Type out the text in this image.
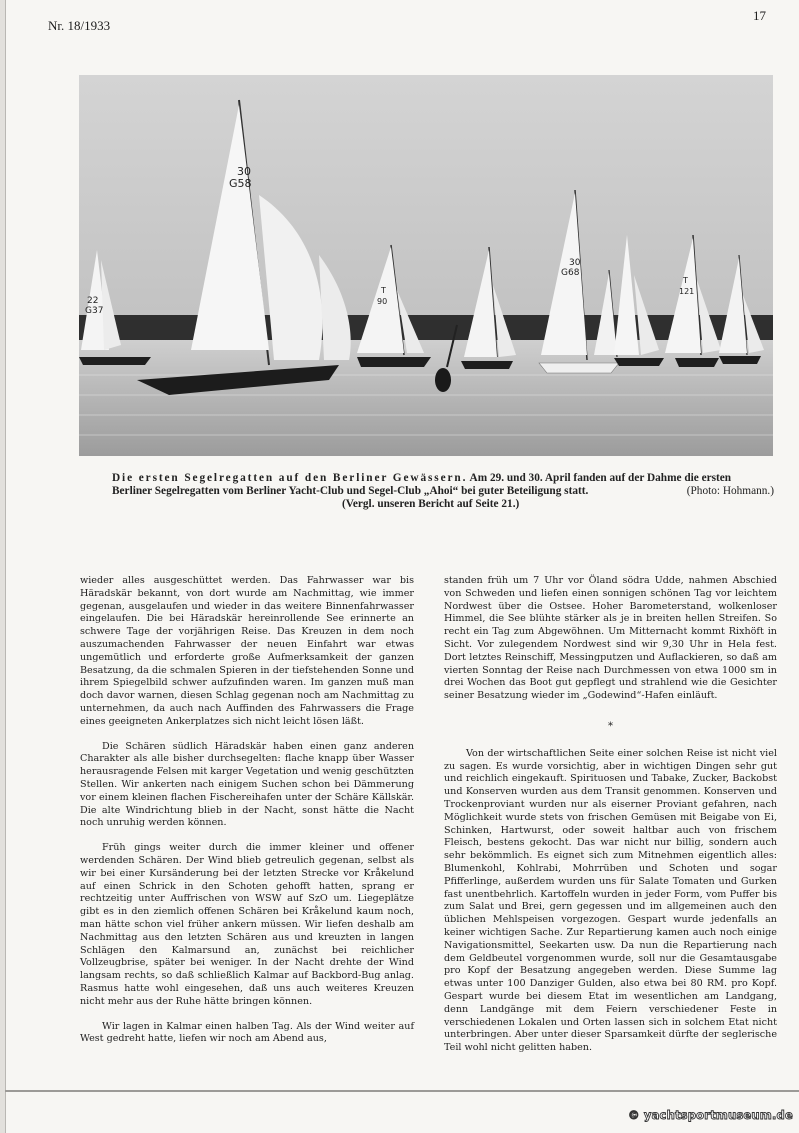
Nr. 18/1933
17
22
G37
30
G58
T
90
30
G68
T
121
Die ersten Segelregatten auf den Berliner Gewässern. Am 29. und 30. April fanden auf der Dahme die ersten
Berliner Segelregatten vom Berliner Yacht-Club und Segel-Club „Ahoi“ bei guter Beteiligung statt.	(Photo: Hohmann.)
(Vergl. unseren Bericht auf Seite 21.)

wieder alles ausgeschüttet werden. Das Fahrwasser war bis Häradskär bekannt, von dort wurde am Nachmittag, wie immer gegenan, ausgelaufen und wieder in das weitere Binnenfahrwasser eingelaufen. Die bei Häradskär hereinrollende See erinnerte an schwere Tage der vorjährigen Reise. Das Kreuzen in dem noch auszumachenden Fahrwasser der neuen Einfahrt war etwas ungemütlich und erforderte große Aufmerksamkeit der ganzen Besatzung, da die schmalen Spieren in der tiefstehenden Sonne und ihrem Spiegelbild schwer aufzufinden waren. Im ganzen muß man doch davor warnen, diesen Schlag gegenan noch am Nachmittag zu unternehmen, da auch nach Auffinden des Fahrwassers die Frage eines geeigneten Ankerplatzes sich nicht leicht lösen läßt.

Die Schären südlich Häradskär haben einen ganz anderen Charakter als alle bisher durchsegelten: flache knapp über Wasser herausragende Felsen mit karger Vegetation und wenig geschützten Stellen. Wir ankerten nach einigem Suchen schon bei Dämmerung vor einem kleinen flachen Fischereihafen unter der Schäre Källskär. Die alte Windrichtung blieb in der Nacht, sonst hätte die Nacht noch unruhig werden können.

Früh gings weiter durch die immer kleiner und offener werdenden Schären. Der Wind blieb getreulich gegenan, selbst als wir bei einer Kursänderung bei der letzten Strecke vor Kråkelund auf einen Schrick in den Schoten gehofft hatten, sprang er rechtzeitig unter Auffrischen von WSW auf SzO um. Liegeplätze gibt es in den ziemlich offenen Schären bei Kråkelund kaum noch, man hätte schon viel früher ankern müssen. Wir liefen deshalb am Nachmittag aus den letzten Schären aus und kreuzten in langen Schlägen den Kalmarsund an, zunächst bei reichlicher Vollzeugbrise, später bei weniger. In der Nacht drehte der Wind langsam rechts, so daß schließlich Kalmar auf Backbord-Bug anlag. Rasmus hatte wohl eingesehen, daß uns auch weiteres Kreuzen nicht mehr aus der Ruhe hätte bringen können.

Wir lagen in Kalmar einen halben Tag. Als der Wind weiter auf West gedreht hatte, liefen wir noch am Abend aus,

standen früh um 7 Uhr vor Öland södra Udde, nahmen Abschied von Schweden und liefen einen sonnigen schönen Tag vor leichtem Nordwest über die Ostsee. Hoher Barometerstand, wolkenloser Himmel, die See blühte stärker als je in breiten hellen Streifen. So recht ein Tag zum Abgewöhnen. Um Mitternacht kommt Rixhöft in Sicht. Vor zulegendem Nordwest sind wir 9,30 Uhr in Hela fest. Dort letztes Reinschiff, Messingputzen und Auflackieren, so daß am vierten Sonntag der Reise nach Durchmessen von etwa 1000 sm in drei Wochen das Boot gut gepflegt und strahlend wie die Gesichter seiner Besatzung wieder im „Godewind“-Hafen einläuft.

*

Von der wirtschaftlichen Seite einer solchen Reise ist nicht viel zu sagen. Es wurde vorsichtig, aber in wichtigen Dingen sehr gut und reichlich eingekauft. Spirituosen und Tabake, Zucker, Backobst und Konserven wurden aus dem Transit genommen. Konserven und Trockenproviant wurden nur als eiserner Proviant gefahren, nach Möglichkeit wurde stets von frischen Gemüsen mit Beigabe von Ei, Schinken, Hartwurst, oder soweit haltbar auch von frischem Fleisch, bestens gekocht. Das war nicht nur billig, sondern auch sehr bekömmlich. Es eignet sich zum Mitnehmen eigentlich alles: Blumenkohl, Kohlrabi, Mohrrüben und Schoten und sogar Pfifferlinge, außerdem wurden uns für Salate Tomaten und Gurken fast unentbehrlich. Kartoffeln wurden in jeder Form, vom Puffer bis zum Salat und Brei, gern gegessen und im allgemeinen auch den üblichen Mehlspeisen vorgezogen. Gespart wurde jedenfalls an keiner wichtigen Sache. Zur Repartierung kamen auch noch einige Navigationsmittel, Seekarten usw. Da nun die Repartierung nach dem Geldbeutel vorgenommen wurde, soll nur die Gesamtausgabe pro Kopf der Besatzung angegeben werden. Diese Summe lag etwas unter 100 Danziger Gulden, also etwa bei 80 RM. pro Kopf. Gespart wurde bei diesem Etat im wesentlichen am Landgang, denn Landgänge mit dem Feiern verschiedener Feste in verschiedenen Lokalen und Orten lassen sich in solchem Etat nicht unterbringen. Aber unter dieser Sparsamkeit dürfte der seglerische Teil wohl nicht gelitten haben.

© yachtsportmuseum.de
